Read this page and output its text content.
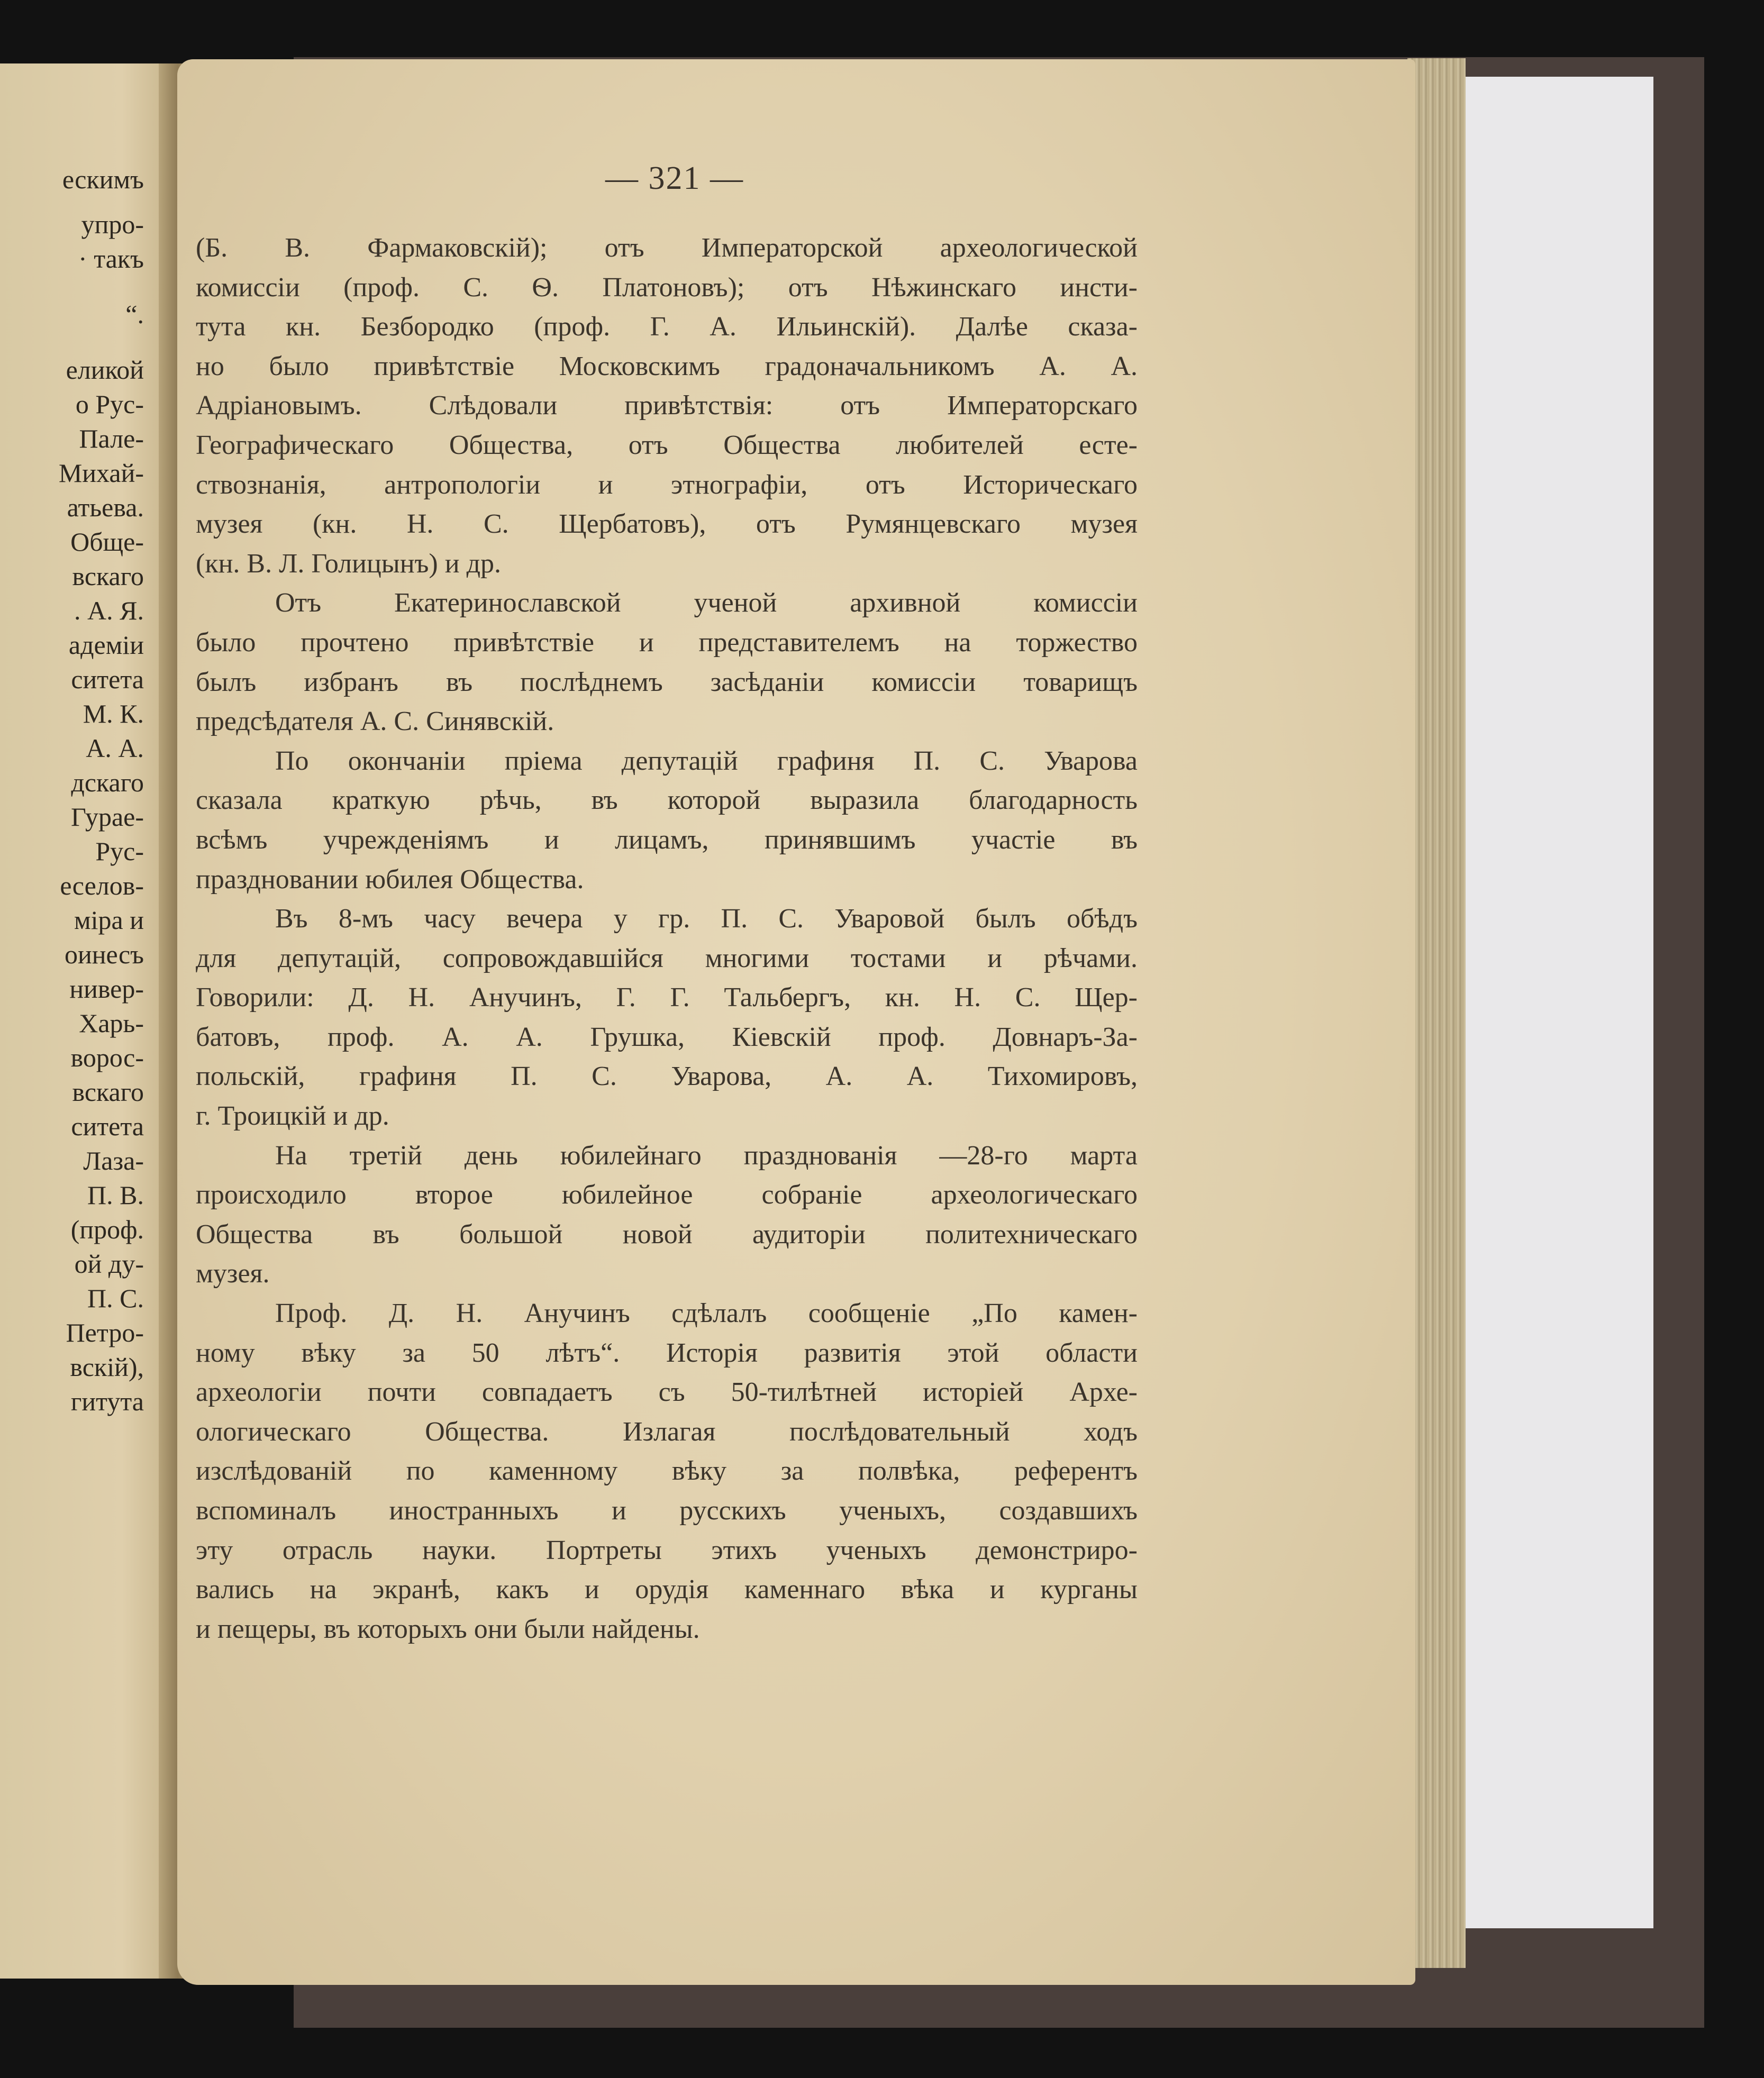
ескимъ
упро-
· такъ
“.
еликой
о Рус-
Пале-
Михай-
атьева.
Обще-
вскаго
. А. Я.
адеміи
ситета
М. К.
А. А.
дскаго
Гурае-
Рус-
еселов-
міра и
оинесъ
нивер-
Харь-
ворос-
вскаго
ситета
Лаза-
П. В.
(проф.
ой ду-
П. С.
Петро-
вскій),
гитута
— 321 —
(Б. В. Фармаковскій); отъ Императорской археологической
комиссіи (проф. С. Ѳ. Платоновъ); отъ Нѣжинскаго инсти-
тута кн. Безбородко (проф. Г. А. Ильинскій). Далѣе сказа-
но было привѣтствіе Московскимъ градоначальникомъ А. А.
Адріановымъ. Слѣдовали привѣтствія: отъ Императорскаго
Географическаго Общества, отъ Общества любителей есте-
ствознанія, антропологіи и этнографіи, отъ Историческаго
музея (кн. Н. С. Щербатовъ), отъ Румянцевскаго музея
(кн. В. Л. Голицынъ) и др.
Отъ Екатеринославской ученой архивной комиссіи
было прочтено привѣтствіе и представителемъ на торжество
былъ избранъ въ послѣднемъ засѣданіи комиссіи товарищъ
предсѣдателя А. С. Синявскій.
По окончаніи пріема депутацій графиня П. С. Уварова
сказала краткую рѣчь, въ которой выразила благодарность
всѣмъ учрежденіямъ и лицамъ, принявшимъ участіе въ
праздновании юбилея Общества.
Въ 8-мъ часу вечера у гр. П. С. Уваровой былъ обѣдъ
для депутацій, сопровождавшійся многими тостами и рѣчами.
Говорили: Д. Н. Анучинъ, Г. Г. Тальбергъ, кн. Н. С. Щер-
батовъ, проф. А. А. Грушка, Кіевскій проф. Довнаръ-За-
польскій, графиня П. С. Уварова, А. А. Тихомировъ,
г. Троицкій и др.
На третій день юбилейнаго празднованія —28-го марта
происходило второе юбилейное собраніе археологическаго
Общества въ большой новой аудиторіи политехническаго
музея.
Проф. Д. Н. Анучинъ сдѣлалъ сообщеніе „По камен-
ному вѣку за 50 лѣтъ“. Исторія развитія этой области
археологіи почти совпадаетъ съ 50-тилѣтней исторіей Архе-
ологическаго Общества. Излагая послѣдовательный ходъ
изслѣдованій по каменному вѣку за полвѣка, референтъ
вспоминалъ иностранныхъ и русскихъ ученыхъ, создавшихъ
эту отрасль науки. Портреты этихъ ученыхъ демонстриро-
вались на экранѣ, какъ и орудія каменнаго вѣка и курганы
и пещеры, въ которыхъ они были найдены.
